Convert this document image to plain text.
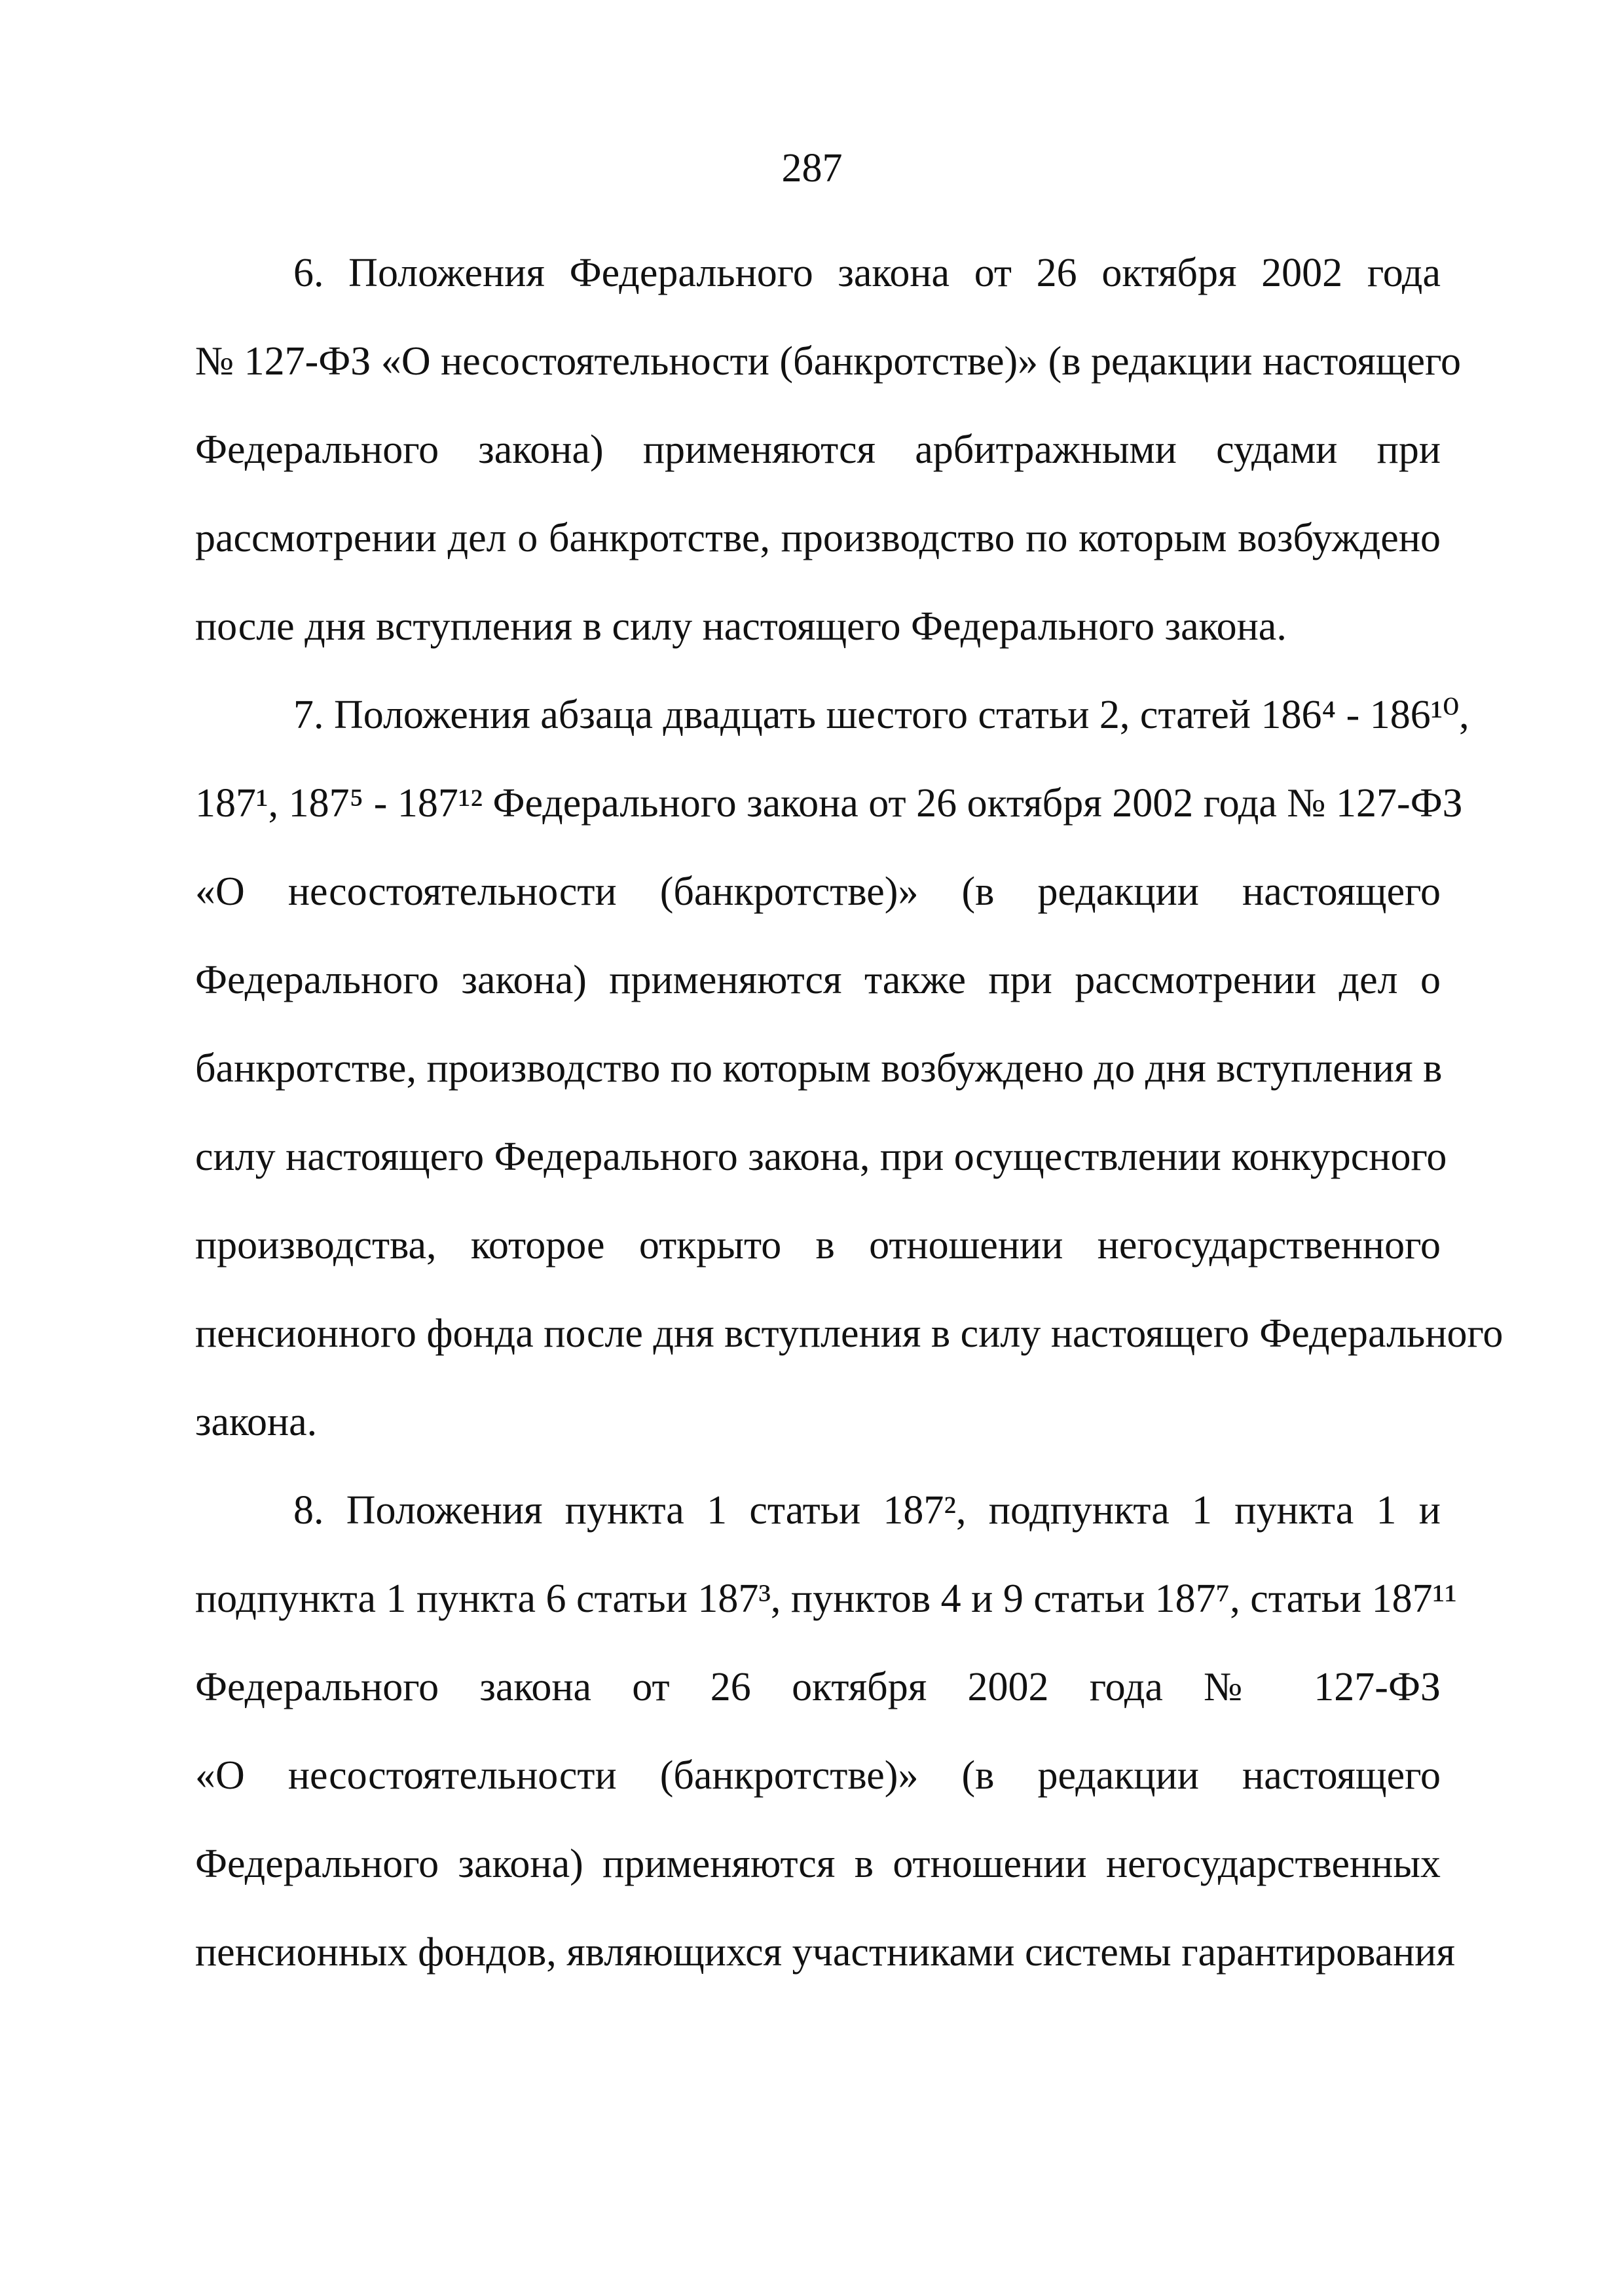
287
6. Положения Федерального закона от 26 октября 2002 года
№ 127-ФЗ «О несостоятельности (банкротстве)» (в редакции настоящего
Федерального закона) применяются арбитражными судами при
рассмотрении дел о банкротстве, производство по которым возбуждено
после дня вступления в силу настоящего Федерального закона.
7. Положения абзаца двадцать шестого статьи 2, статей 186⁴ - 186¹⁰,
187¹, 187⁵ - 187¹² Федерального закона от 26 октября 2002 года № 127-ФЗ
«О несостоятельности (банкротстве)» (в редакции настоящего
Федерального закона) применяются также при рассмотрении дел о
банкротстве, производство по которым возбуждено до дня вступления в
силу настоящего Федерального закона, при осуществлении конкурсного
производства, которое открыто в отношении негосударственного
пенсионного фонда после дня вступления в силу настоящего Федерального
закона.
8. Положения пункта 1 статьи 187², подпункта 1 пункта 1 и
подпункта 1 пункта 6 статьи 187³, пунктов 4 и 9 статьи 187⁷, статьи 187¹¹
Федерального закона от 26 октября 2002 года № 127-ФЗ
«О несостоятельности (банкротстве)» (в редакции настоящего
Федерального закона) применяются в отношении негосударственных
пенсионных фондов, являющихся участниками системы гарантирования
